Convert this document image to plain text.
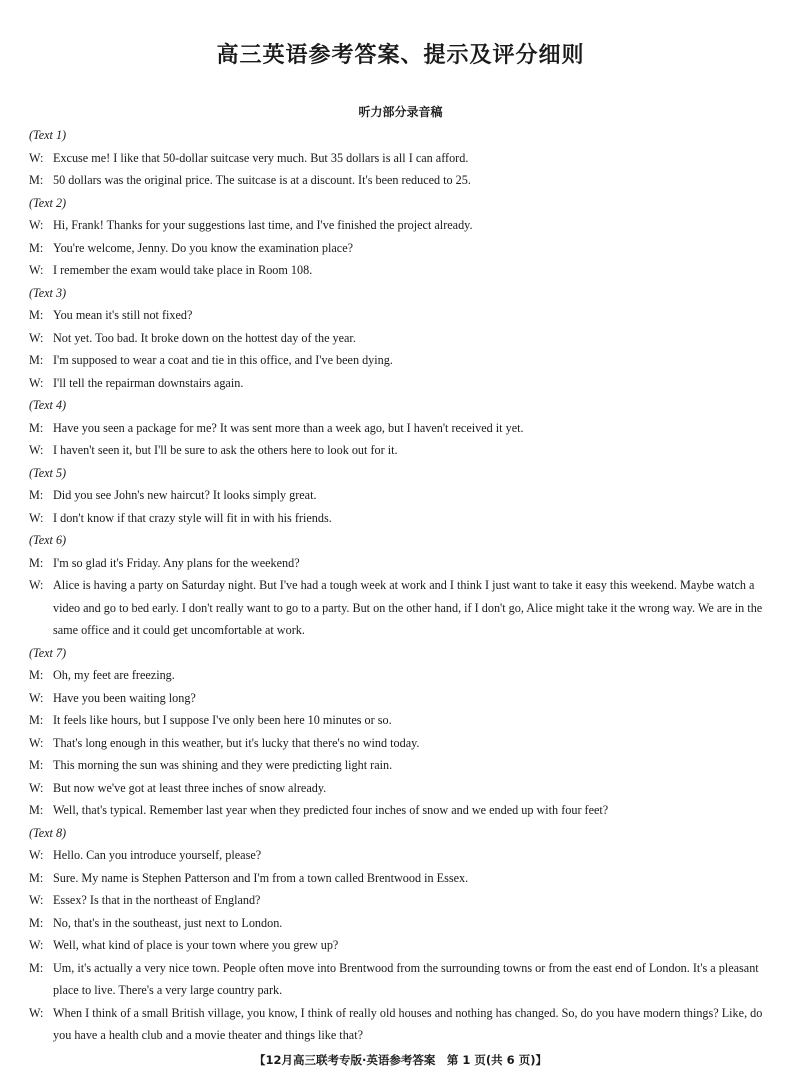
高三英语参考答案、提示及评分细则
听力部分录音稿
(Text 1)
W: Excuse me! I like that 50-dollar suitcase very much. But 35 dollars is all I can afford.
M: 50 dollars was the original price. The suitcase is at a discount. It's been reduced to 25.
(Text 2)
W: Hi, Frank! Thanks for your suggestions last time, and I've finished the project already.
M: You're welcome, Jenny. Do you know the examination place?
W: I remember the exam would take place in Room 108.
(Text 3)
M: You mean it's still not fixed?
W: Not yet. Too bad. It broke down on the hottest day of the year.
M: I'm supposed to wear a coat and tie in this office, and I've been dying.
W: I'll tell the repairman downstairs again.
(Text 4)
M: Have you seen a package for me? It was sent more than a week ago, but I haven't received it yet.
W: I haven't seen it, but I'll be sure to ask the others here to look out for it.
(Text 5)
M: Did you see John's new haircut? It looks simply great.
W: I don't know if that crazy style will fit in with his friends.
(Text 6)
M: I'm so glad it's Friday. Any plans for the weekend?
W: Alice is having a party on Saturday night. But I've had a tough week at work and I think I just want to take it easy this weekend. Maybe watch a video and go to bed early. I don't really want to go to a party. But on the other hand, if I don't go, Alice might take it the wrong way. We are in the same office and it could get uncomfortable at work.
(Text 7)
M: Oh, my feet are freezing.
W: Have you been waiting long?
M: It feels like hours, but I suppose I've only been here 10 minutes or so.
W: That's long enough in this weather, but it's lucky that there's no wind today.
M: This morning the sun was shining and they were predicting light rain.
W: But now we've got at least three inches of snow already.
M: Well, that's typical. Remember last year when they predicted four inches of snow and we ended up with four feet?
(Text 8)
W: Hello. Can you introduce yourself, please?
M: Sure. My name is Stephen Patterson and I'm from a town called Brentwood in Essex.
W: Essex? Is that in the northeast of England?
M: No, that's in the southeast, just next to London.
W: Well, what kind of place is your town where you grew up?
M: Um, it's actually a very nice town. People often move into Brentwood from the surrounding towns or from the east end of London. It's a pleasant place to live. There's a very large country park.
W: When I think of a small British village, you know, I think of really old houses and nothing has changed. So, do you have modern things? Like, do you have a health club and a movie theater and things like that?
【12月高三联考专版·英语参考答案　第 1 页(共 6 页)】
